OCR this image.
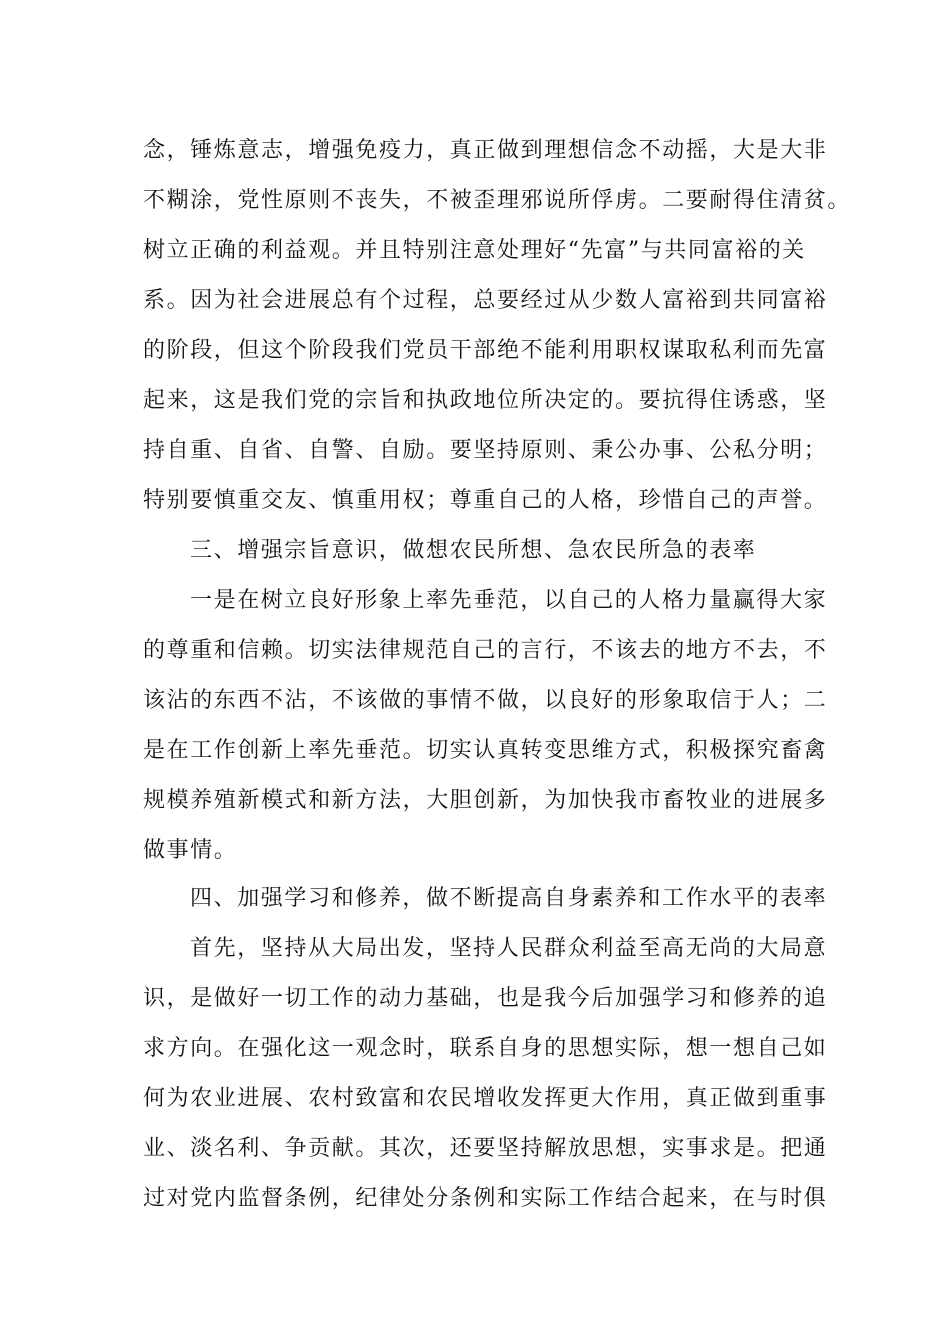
念，锤炼意志，增强免疫力，真正做到理想信念不动摇，大是大非
不糊涂，党性原则不丧失，不被歪理邪说所俘虏。二要耐得住清贫。
树立正确的利益观。并且特别注意处理好“先富”与共同富裕的关
系。因为社会进展总有个过程，总要经过从少数人富裕到共同富裕
的阶段，但这个阶段我们党员干部绝不能利用职权谋取私利而先富
起来，这是我们党的宗旨和执政地位所决定的。要抗得住诱惑，坚
持自重、自省、自警、自励。要坚持原则、秉公办事、公私分明；
特别要慎重交友、慎重用权；尊重自己的人格，珍惜自己的声誉。
三、增强宗旨意识，做想农民所想、急农民所急的表率
一是在树立良好形象上率先垂范，以自己的人格力量赢得大家
的尊重和信赖。切实法律规范自己的言行，不该去的地方不去，不
该沾的东西不沾，不该做的事情不做，以良好的形象取信于人；二
是在工作创新上率先垂范。切实认真转变思维方式，积极探究畜禽
规模养殖新模式和新方法，大胆创新，为加快我市畜牧业的进展多
做事情。
四、加强学习和修养，做不断提高自身素养和工作水平的表率
首先，坚持从大局出发，坚持人民群众利益至高无尚的大局意
识，是做好一切工作的动力基础，也是我今后加强学习和修养的追
求方向。在强化这一观念时，联系自身的思想实际，想一想自己如
何为农业进展、农村致富和农民增收发挥更大作用，真正做到重事
业、淡名利、争贡献。其次，还要坚持解放思想，实事求是。把通
过对党内监督条例，纪律处分条例和实际工作结合起来，在与时俱
